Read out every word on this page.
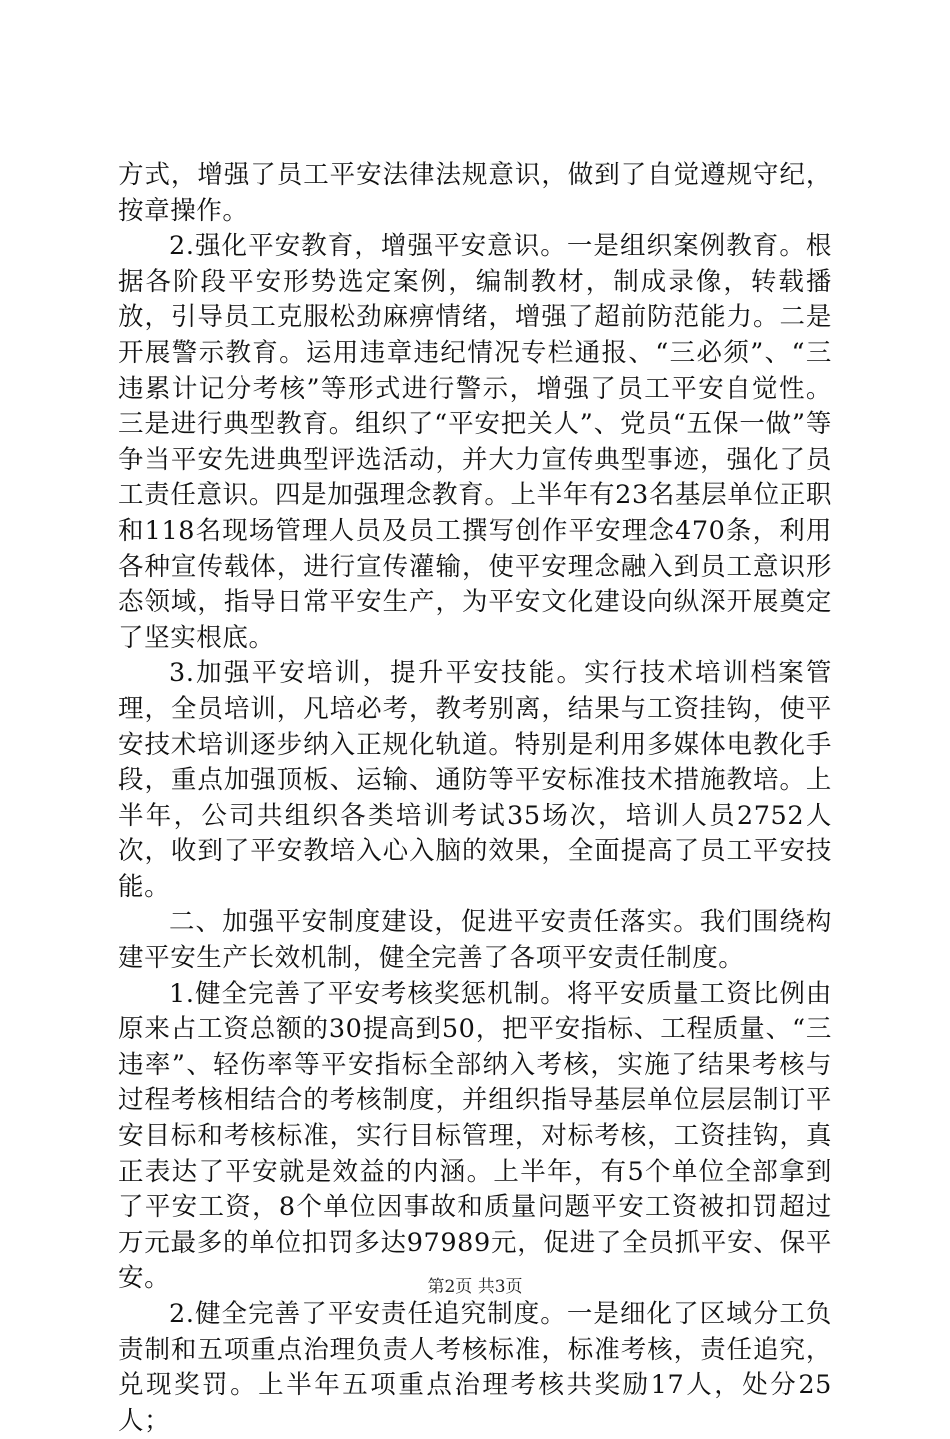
方式，增强了员工平安法律法规意识，做到了自觉遵规守纪，按章操作。

2.强化平安教育，增强平安意识。一是组织案例教育。根据各阶段平安形势选定案例，编制教材，制成录像，转载播放，引导员工克服松劲麻痹情绪，增强了超前防范能力。二是开展警示教育。运用违章违纪情况专栏通报、“三必须”、“三违累计记分考核”等形式进行警示，增强了员工平安自觉性。三是进行典型教育。组织了“平安把关人”、党员“五保一做”等争当平安先进典型评选活动，并大力宣传典型事迹，强化了员工责任意识。四是加强理念教育。上半年有23名基层单位正职和118名现场管理人员及员工撰写创作平安理念470条，利用各种宣传载体，进行宣传灌输，使平安理念融入到员工意识形态领域，指导日常平安生产，为平安文化建设向纵深开展奠定了坚实根底。

3.加强平安培训，提升平安技能。实行技术培训档案管理，全员培训，凡培必考，教考别离，结果与工资挂钩，使平安技术培训逐步纳入正规化轨道。特别是利用多媒体电教化手段，重点加强顶板、运输、通防等平安标准技术措施教培。上半年，公司共组织各类培训考试35场次，培训人员2752人次，收到了平安教培入心入脑的效果，全面提高了员工平安技能。

二、加强平安制度建设，促进平安责任落实。我们围绕构建平安生产长效机制，健全完善了各项平安责任制度。

1.健全完善了平安考核奖惩机制。将平安质量工资比例由原来占工资总额的30提高到50，把平安指标、工程质量、“三违率”、轻伤率等平安指标全部纳入考核，实施了结果考核与过程考核相结合的考核制度，并组织指导基层单位层层制订平安目标和考核标准，实行目标管理，对标考核，工资挂钩，真正表达了平安就是效益的内涵。上半年，有5个单位全部拿到了平安工资，8个单位因事故和质量问题平安工资被扣罚超过万元最多的单位扣罚多达97989元，促进了全员抓平安、保平安。

2.健全完善了平安责任追究制度。一是细化了区域分工负责制和五项重点治理负责人考核标准，标准考核，责任追究，兑现奖罚。上半年五项重点治理考核共奖励17人，处分25人；

第2页 共3页
